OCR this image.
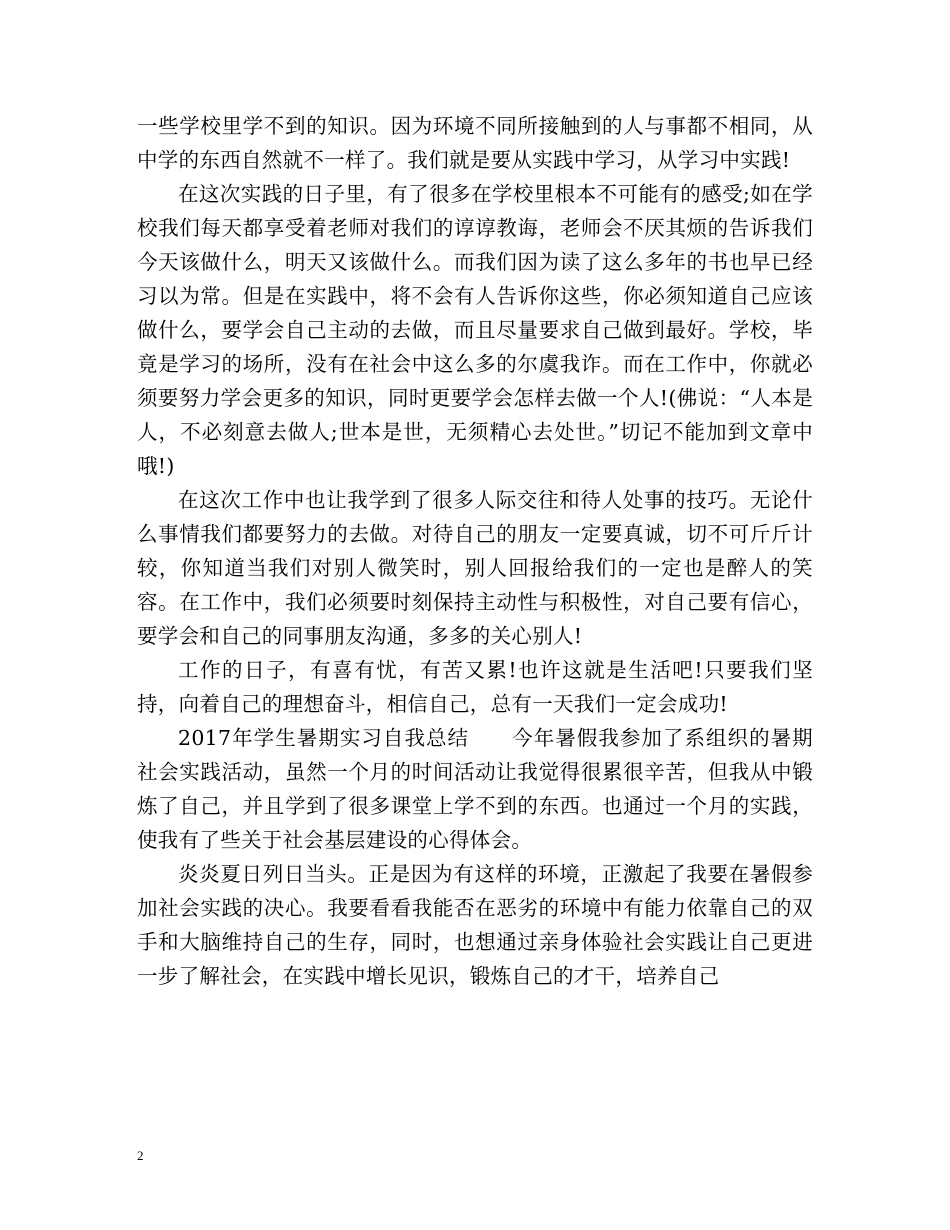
一些学校里学不到的知识。因为环境不同所接触到的人与事都不相同，从中学的东西自然就不一样了。我们就是要从实践中学习，从学习中实践!

在这次实践的日子里，有了很多在学校里根本不可能有的感受;如在学校我们每天都享受着老师对我们的谆谆教诲，老师会不厌其烦的告诉我们今天该做什么，明天又该做什么。而我们因为读了这么多年的书也早已经习以为常。但是在实践中，将不会有人告诉你这些，你必须知道自己应该做什么，要学会自己主动的去做，而且尽量要求自己做到最好。学校，毕竟是学习的场所，没有在社会中这么多的尔虞我诈。而在工作中，你就必须要努力学会更多的知识，同时更要学会怎样去做一个人!(佛说：“人本是人，不必刻意去做人;世本是世，无须精心去处世。”切记不能加到文章中哦!)

在这次工作中也让我学到了很多人际交往和待人处事的技巧。无论什么事情我们都要努力的去做。对待自己的朋友一定要真诚，切不可斤斤计较，你知道当我们对别人微笑时，别人回报给我们的一定也是醉人的笑容。在工作中，我们必须要时刻保持主动性与积极性，对自己要有信心，要学会和自己的同事朋友沟通，多多的关心别人!

工作的日子，有喜有忧，有苦又累!也许这就是生活吧!只要我们坚持，向着自己的理想奋斗，相信自己，总有一天我们一定会成功!

2017年学生暑期实习自我总结　　今年暑假我参加了系组织的暑期社会实践活动，虽然一个月的时间活动让我觉得很累很辛苦，但我从中锻炼了自己，并且学到了很多课堂上学不到的东西。也通过一个月的实践，使我有了些关于社会基层建设的心得体会。

炎炎夏日列日当头。正是因为有这样的环境，正激起了我要在暑假参加社会实践的决心。我要看看我能否在恶劣的环境中有能力依靠自己的双手和大脑维持自己的生存，同时，也想通过亲身体验社会实践让自己更进一步了解社会，在实践中增长见识，锻炼自己的才干，培养自己

2
